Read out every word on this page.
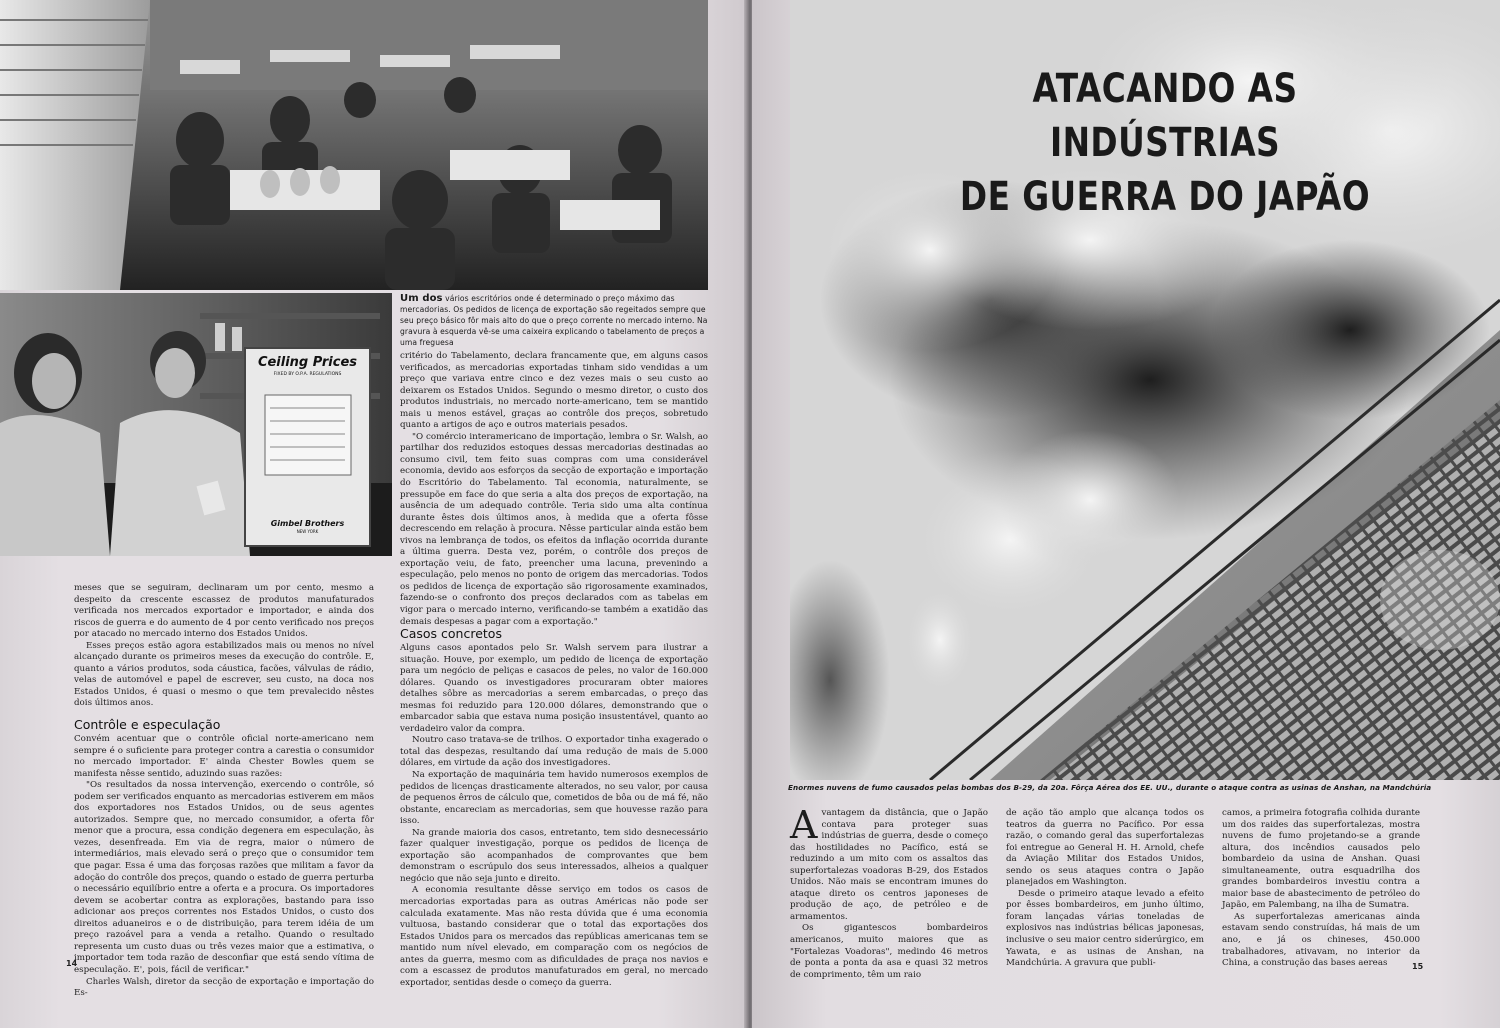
Ceiling Prices
FIXED BY O.P.A. REGULATIONS
Gimbel Brothers
NEW YORK
Um dos vários escritórios onde é determinado o preço máximo das mercadorias. Os pedidos de licença de exportação são regeitados sempre que seu preço básico fôr mais alto do que o preço corrente no mercado interno. Na gravura à esquerda vê-se uma caixeira explicando o tabelamento de preços a uma freguesa

critério do Tabelamento, declara francamente que, em alguns casos verificados, as mercadorias exportadas tinham sido vendidas a um preço que variava entre cinco e dez vezes mais o seu custo ao deixarem os Estados Unidos. Segundo o mesmo diretor, o custo dos produtos industriais, no mercado norte-americano, tem se mantido mais u menos estável, graças ao contrôle dos preços, sobretudo quanto a artigos de aço e outros materiais pesados.

"O comércio interamericano de importação, lembra o Sr. Walsh, ao partilhar dos reduzidos estoques dessas mercadorias destinadas ao consumo civil, tem feito suas compras com uma considerável economia, devido aos esforços da secção de exportação e importação do Escritório do Tabelamento. Tal economia, naturalmente, se pressupõe em face do que seria a alta dos preços de exportação, na ausência de um adequado contrôle. Teria sido uma alta contínua durante êstes dois últimos anos, à medida que a oferta fôsse decrescendo em relação à procura. Nêsse particular ainda estão bem vivos na lembrança de todos, os efeitos da inflação ocorrida durante a última guerra. Desta vez, porém, o contrôle dos preços de exportação veiu, de fato, preencher uma lacuna, prevenindo a especulação, pelo menos no ponto de origem das mercadorias. Todos os pedidos de licença de exportação são rigorosamente examinados, fazendo-se o confronto dos preços declarados com as tabelas em vigor para o mercado interno, verificando-se também a exatidão das demais despesas a pagar com a exportação."

Casos concretos

Alguns casos apontados pelo Sr. Walsh servem para ilustrar a situação. Houve, por exemplo, um pedido de licença de exportação para um negócio de peliças e casacos de peles, no valor de 160.000 dólares. Quando os investigadores procuraram obter maiores detalhes sôbre as mercadorias a serem embarcadas, o preço das mesmas foi reduzido para 120.000 dólares, demonstrando que o embarcador sabia que estava numa posição insustentável, quanto ao verdadeiro valor da compra.

Noutro caso tratava-se de trilhos. O exportador tinha exagerado o total das despezas, resultando daí uma redução de mais de 5.000 dólares, em virtude da ação dos investigadores.

Na exportação de maquinária tem havido numerosos exemplos de pedidos de licenças drasticamente alterados, no seu valor, por causa de pequenos êrros de cálculo que, cometidos de bôa ou de má fé, não obstante, encareciam as mercadorias, sem que houvesse razão para isso.

Na grande maioria dos casos, entretanto, tem sido desnecessário fazer qualquer investigação, porque os pedidos de licença de exportação são acompanhados de comprovantes que bem demonstram o escrúpulo dos seus interessados, alheios a qualquer negócio que não seja junto e direito.

A economia resultante dêsse serviço em todos os casos de mercadorias exportadas para as outras Américas não pode ser calculada exatamente. Mas não resta dúvida que é uma economia vultuosa, bastando considerar que o total das exportações dos Estados Unidos para os mercados das repúblicas americanas tem se mantido num nível elevado, em comparação com os negócios de antes da guerra, mesmo com as dificuldades de praça nos navios e com a escassez de produtos manufaturados em geral, no mercado exportador, sentidas desde o começo da guerra.

meses que se seguiram, declinaram um por cento, mesmo a despeito da crescente escassez de produtos manufaturados verificada nos mercados exportador e importador, e ainda dos riscos de guerra e do aumento de 4 por cento verificado nos preços por atacado no mercado interno dos Estados Unidos.

Esses preços estão agora estabilizados mais ou menos no nível alcançado durante os primeiros meses da execução do contrôle. E, quanto a vários produtos, soda cáustica, facões, válvulas de rádio, velas de automóvel e papel de escrever, seu custo, na doca nos Estados Unidos, é quasi o mesmo o que tem prevalecido nêstes dois últimos anos.

Contrôle e especulação

Convém acentuar que o contrôle oficial norte-americano nem sempre é o suficiente para proteger contra a carestia o consumidor no mercado importador. E' ainda Chester Bowles quem se manifesta nêsse sentido, aduzindo suas razões:

"Os resultados da nossa intervenção, exercendo o contrôle, só podem ser verificados enquanto as mercadorias estiverem em mãos dos exportadores nos Estados Unidos, ou de seus agentes autorizados. Sempre que, no mercado consumidor, a oferta fôr menor que a procura, essa condição degenera em especulação, às vezes, desenfreada. Em via de regra, maior o número de intermediários, mais elevado será o preço que o consumidor tem que pagar. Essa é uma das forçosas razões que militam a favor da adoção do contrôle dos preços, quando o estado de guerra perturba o necessário equilíbrio entre a oferta e a procura. Os importadores devem se acobertar contra as explorações, bastando para isso adicionar aos preços correntes nos Estados Unidos, o custo dos direitos aduaneiros e o de distribuição, para terem idéia de um preço razoável para a venda a retalho. Quando o resultado representa um custo duas ou três vezes maior que a estimativa, o importador tem toda razão de desconfiar que está sendo vítima de especulação. E', pois, fácil de verificar."

Charles Walsh, diretor da secção de exportação e importação do Es-

14
ATACANDO AS INDÚSTRIAS
DE GUERRA DO JAPÃO
Enormes nuvens de fumo causados pelas bombas dos B-29, da 20a. Fôrça Aérea dos EE. UU., durante o ataque contra as usinas de Anshan, na Mandchúria

Avantagem da distância, que o Japão contava para proteger suas indústrias de guerra, desde o começo das hostilidades no Pacífico, está se reduzindo a um mito com os assaltos das superfortalezas voadoras B-29, dos Estados Unidos. Não mais se encontram imunes do ataque direto os centros japoneses de produção de aço, de petróleo e de armamentos.

Os gigantescos bombardeiros americanos, muito maiores que as "Fortalezas Voadoras", medindo 46 metros de ponta a ponta da asa e quasi 32 metros de comprimento, têm um raio

de ação tão amplo que alcança todos os teatros da guerra no Pacífico. Por essa razão, o comando geral das superfortalezas foi entregue ao General H. H. Arnold, chefe da Aviação Militar dos Estados Unidos, sendo os seus ataques contra o Japão planejados em Washington.

Desde o primeiro ataque levado a efeito por êsses bombardeiros, em junho último, foram lançadas várias toneladas de explosivos nas indústrias bélicas japonesas, inclusive o seu maior centro siderúrgico, em Yawata, e as usinas de Anshan, na Mandchúria. A gravura que publi-

camos, a primeira fotografia colhida durante um dos raides das superfortalezas, mostra nuvens de fumo projetando-se a grande altura, dos incêndios causados pelo bombardeio da usina de Anshan. Quasi simultaneamente, outra esquadrilha dos grandes bombardeiros investiu contra a maior base de abastecimento de petróleo do Japão, em Palembang, na ilha de Sumatra.

As superfortalezas americanas ainda estavam sendo construídas, há mais de um ano, e já os chineses, 450.000 trabalhadores, ativavam, no interior da China, a construção das bases aereas	15
